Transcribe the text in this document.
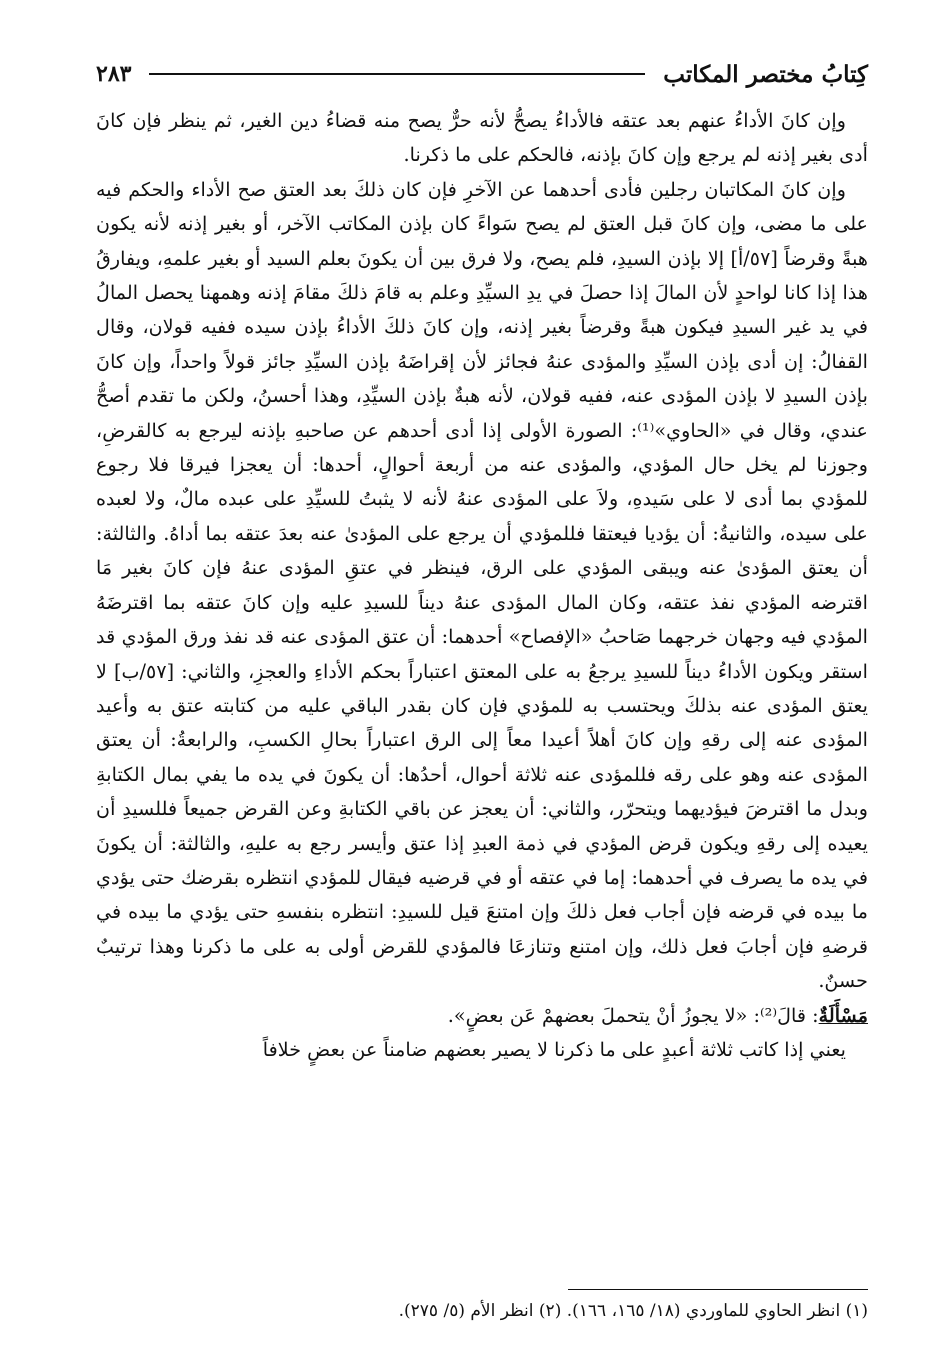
كِتابُ مختصر المكاتب
٢٨٣

وإن كانَ الأداءُ عنهم بعد عتقه فالأداءُ يصحُّ لأنه حرٌّ يصح منه قضاءُ دين الغير، ثم ينظر فإن كانَ أدى بغير إذنه لم يرجع وإن كانَ بإذنه، فالحكم على ما ذكرنا.

وإن كانَ المكاتبان رجلين فأدى أحدهما عن الآخرِ فإن كان ذلكَ بعد العتق صح الأداء والحكم فيه على ما مضى، وإن كانَ قبل العتق لم يصح سَواءً كان بإذن المكاتب الآخر، أو بغير إذنه لأنه يكون هبةً وقرضاً [٥٧/أ] إلا بإذن السيدِ، فلم يصح، ولا فرق بين أن يكونَ بعلم السيد أو بغير علمهِ، ويفارقُ هذا إذا كانا لواحدٍ لأن المالَ إذا حصلَ في يدِ السيِّدِ وعلم به قامَ ذلكَ مقامَ إذنه وهمهنا يحصل المالُ في يد غير السيدِ فيكون هبةً وقرضاً بغير إذنه، وإن كانَ ذلكَ الأداءُ بإذن سيده ففيه قولان، وقال القفالُ: إن أدى بإذن السيِّدِ والمؤدى عنهُ فجائز لأن إقراضَهُ بإذن السيِّدِ جائز قولاً واحداً، وإن كانَ بإذن السيدِ لا بإذن المؤدى عنه، ففيه قولان، لأنه هبةٌ بإذن السيِّدِ، وهذا أحسنُ، ولكن ما تقدم أصحُّ عندي، وقال في «الحاوي»⁽¹⁾: الصورة الأولى إذا أدى أحدهم عن صاحبهِ بإذنه ليرجع به كالقرضِ، وجوزنا لم يخل حال المؤدي، والمؤدى عنه من أربعة أحوالٍ، أحدها: أن يعجزا فيرقا فلا رجوع للمؤدي بما أدى لا على سَيدهِ، ولاَ على المؤدى عنهُ لأنه لا يثبتُ للسيِّدِ على عبده مالٌ، ولا لعبده على سيده، والثانيةُ: أن يؤديا فيعتقا فللمؤدي أن يرجع على المؤدىٰ عنه بعدَ عتقه بما أداهُ. والثالثة: أن يعتق المؤدىٰ عنه ويبقى المؤدي على الرق، فينظر في عتقِ المؤدى عنهُ فإن كانَ بغير مَا اقترضه المؤدي نفذ عتقه، وكان المال المؤدى عنهُ ديناً للسيدِ عليه وإن كانَ عتقه بما اقترضَهُ المؤدي فيه وجهان خرجهما صَاحبُ «الإفصاح» أحدهما: أن عتق المؤدى عنه قد نفذ ورق المؤدي قد استقر ويكون الأداءُ ديناً للسيدِ يرجعُ به على المعتق اعتباراً بحكم الأداءِ والعجزِ، والثاني: [٥٧/ب] لا يعتق المؤدى عنه بذلكَ ويحتسب به للمؤدي فإن كان بقدر الباقي عليه من كتابته عتق به وأعيد المؤدى عنه إلى رقهِ وإن كانَ أهلاً أعيدا معاً إلى الرق اعتباراً بحالِ الكسبِ، والرابعةُ: أن يعتق المؤدى عنه وهو على رقه فللمؤدى عنه ثلاثة أحوال، أحدُها: أن يكونَ في يده ما يفي بمال الكتابةِ وبدل ما اقترضَ فيؤديهما ويتحرّر، والثاني: أن يعجز عن باقي الكتابةِ وعن القرض جميعاً فللسيدِ أن يعيده إلى رقهِ ويكون قرض المؤدي في ذمة العبدِ إذا عتق وأيسر رجع به عليهِ، والثالثة: أن يكونَ في يده ما يصرف في أحدهما: إما في عتقه أو في قرضيه فيقال للمؤدي انتظره بقرضك حتى يؤدي ما بيده في قرضه فإن أجاب فعل ذلكَ وإن امتنعَ قيل للسيدِ: انتظره بنفسهِ حتى يؤدي ما بيده في قرضهِ فإن أجابَ فعل ذلك، وإن امتنع وتنازعَا فالمؤدي للقرض أولى به على ما ذكرنا وهذا ترتيبٌ حسنٌ.

مَسْأَلَةٌ: قالَ⁽²⁾: «لا يجوزُ أنْ يتحملَ بعضهمْ عَن بعضٍ».

يعني إذا كاتب ثلاثة أعبدٍ على ما ذكرنا لا يصير بعضهم ضامناً عن بعضٍ خلافاً

(١) انظر الحاوي للماوردي (١٨/ ١٦٥، ١٦٦). (٢) انظر الأم (٥/ ٢٧٥).
